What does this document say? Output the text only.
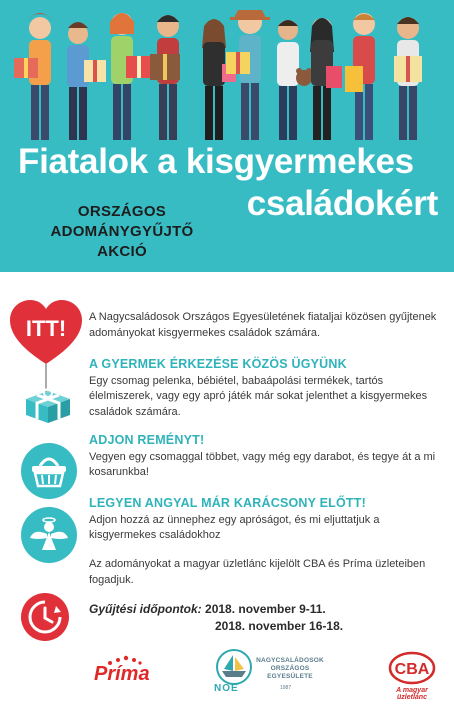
Fiatalok a kisgyermekes
családokért
ORSZÁGOS
ADOMÁNYGYŰJTŐ
AKCIÓ
ITT! A Nagycsaládosok Országos Egyesületének fiataljai közösen gyűjtenek adományokat kisgyermekes családok számára.
A GYERMEK ÉRKEZÉSE KÖZÖS ÜGYÜNK
Egy csomag pelenka, bébiétel, babaápolási termékek, tartós élelmiszerek, vagy egy apró játék már sokat jelenthet a kisgyermekes családok számára.
ADJON REMÉNYT!
Vegyen egy csomaggal többet, vagy még egy darabot, és tegye át a mi kosarunkba!
LEGYEN ANGYAL MÁR KARÁCSONY ELŐTT!
Adjon hozzá az ünnephez egy apróságot, és mi eljuttatjuk a kisgyermekes családokhoz
Az adományokat a magyar üzletlánc kijelölt CBA és Príma üzleteiben fogadjuk.
Gyűjtési időpontok: 2018. november 9-11.
2018. november 16-18.
Príma
NOE
NAGYCSALÁDOSOK ORSZÁGOS EGYESÜLETE
1987
CBA
A magyar üzletlánc
